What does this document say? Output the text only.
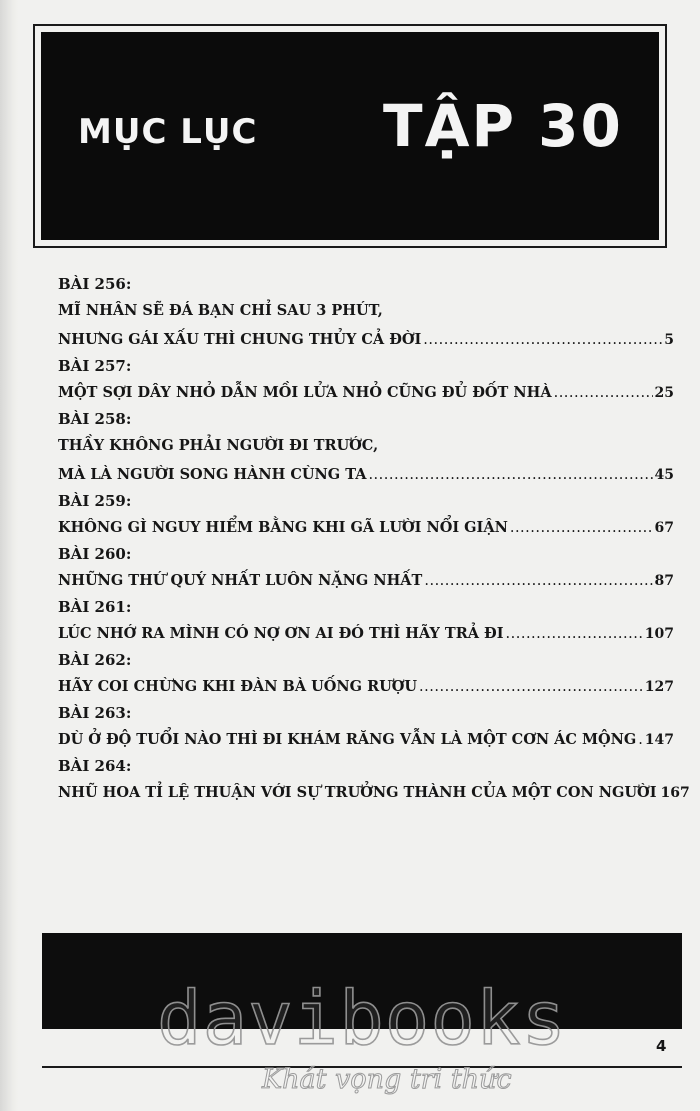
MỤC LỤC TẬP 30
BÀI 256:
MĨ NHÂN SẼ ĐÁ BẠN CHỈ SAU 3 PHÚT,
NHƯNG GÁI XẤU THÌ CHUNG THỦY CẢ ĐỜI .....	5
BÀI 257:
MỘT SỢI DÂY NHỎ DẪN MỒI LỬA NHỎ CŨNG ĐỦ ĐỐT NHÀ .....	25
BÀI 258:
THẦY KHÔNG PHẢI NGƯỜI ĐI TRƯỚC,
MÀ LÀ NGƯỜI SONG HÀNH CÙNG TA .....	45
BÀI 259:
KHÔNG GÌ NGUY HIỂM BẰNG KHI GÃ LƯỜI NỔI GIẬN .....	67
BÀI 260:
NHỮNG THỨ QUÝ NHẤT LUÔN NẶNG NHẤT .....	87
BÀI 261:
LÚC NHỚ RA MÌNH CÓ NỢ ƠN AI ĐÓ THÌ HÃY TRẢ ĐI .....	107
BÀI 262:
HÃY COI CHỪNG KHI ĐÀN BÀ UỐNG RƯỢU .....	127
BÀI 263:
DÙ Ở ĐỘ TUỔI NÀO THÌ ĐI KHÁM RĂNG VẪN LÀ MỘT CƠN ÁC MỘNG ..... 147
BÀI 264:
NHŨ HOA TỈ LỆ THUẬN VỚI SỰ TRƯỞNG THÀNH CỦA MỘT CON NGƯỜI 167
davibooks	4
Khát vọng tri thức
